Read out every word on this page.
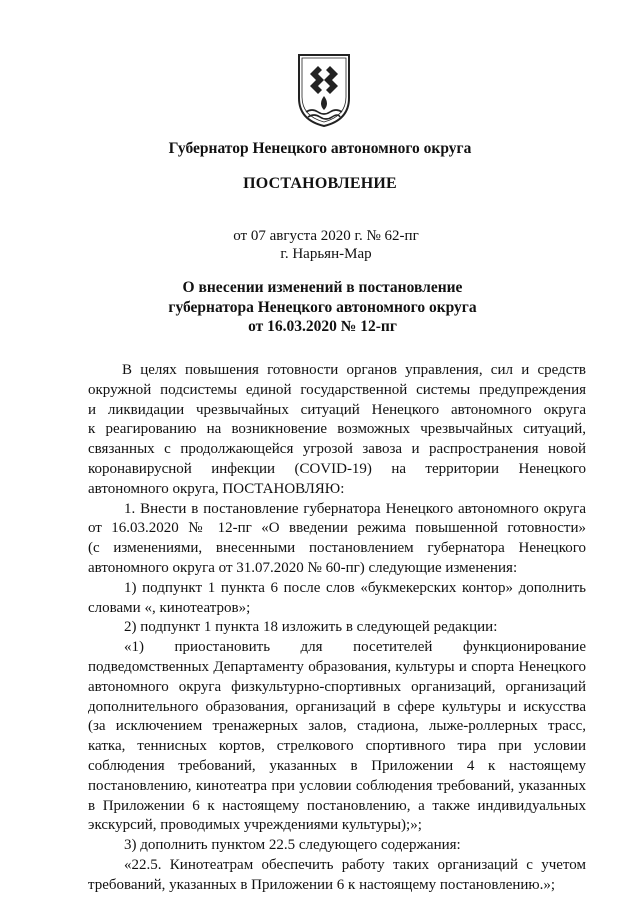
Губернатор Ненецкого автономного округа
ПОСТАНОВЛЕНИЕ
от 07 августа 2020 г. № 62-пг
г. Нарьян-Мар
О внесении изменений в постановление
губернатора Ненецкого автономного округа
от 16.03.2020 № 12-пг
В целях повышения готовности органов управления, сил и средств
окружной подсистемы единой государственной системы предупреждения
и ликвидации чрезвычайных ситуаций Ненецкого автономного округа
к реагированию на возникновение возможных чрезвычайных ситуаций,
связанных с продолжающейся угрозой завоза и распространения новой
коронавирусной инфекции (COVID-19) на территории Ненецкого
автономного округа, ПОСТАНОВЛЯЮ:
1. Внести в постановление губернатора Ненецкого автономного округа
от 16.03.2020 № 12-пг «О введении режима повышенной готовности»
(с изменениями, внесенными постановлением губернатора Ненецкого
автономного округа от 31.07.2020 № 60-пг) следующие изменения:
1) подпункт 1 пункта 6 после слов «букмекерских контор» дополнить
словами «, кинотеатров»;
2) подпункт 1 пункта 18 изложить в следующей редакции:
«1) приостановить для посетителей функционирование
подведомственных Департаменту образования, культуры и спорта Ненецкого
автономного округа физкультурно-спортивных организаций, организаций
дополнительного образования, организаций в сфере культуры и искусства
(за исключением тренажерных залов, стадиона, лыже-роллерных трасс,
катка, теннисных кортов, стрелкового спортивного тира при условии
соблюдения требований, указанных в Приложении 4 к настоящему
постановлению, кинотеатра при условии соблюдения требований, указанных
в Приложении 6 к настоящему постановлению, а также индивидуальных
экскурсий, проводимых учреждениями культуры);»;
3) дополнить пунктом 22.5 следующего содержания:
«22.5. Кинотеатрам обеспечить работу таких организаций с учетом
требований, указанных в Приложении 6 к настоящему постановлению.»;
